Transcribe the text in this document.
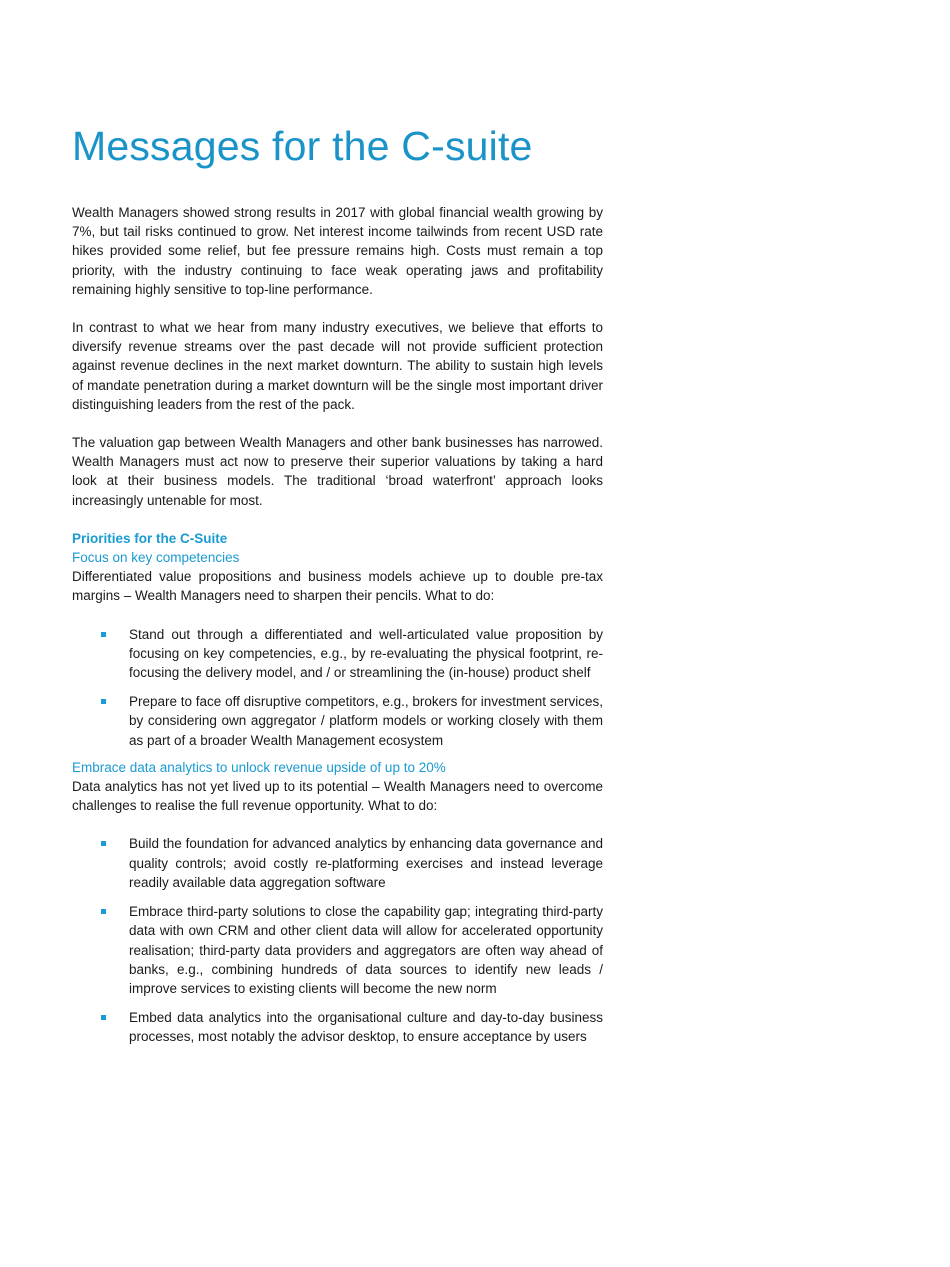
Messages for the C-suite

Wealth Managers showed strong results in 2017 with global financial wealth growing by 7%, but tail risks continued to grow. Net interest income tailwinds from recent USD rate hikes provided some relief, but fee pressure remains high. Costs must remain a top priority, with the industry continuing to face weak operating jaws and profitability remaining highly sensitive to top-line performance.

In contrast to what we hear from many industry executives, we believe that efforts to diversify revenue streams over the past decade will not provide sufficient protection against revenue declines in the next market downturn. The ability to sustain high levels of mandate penetration during a market downturn will be the single most important driver distinguishing leaders from the rest of the pack.

The valuation gap between Wealth Managers and other bank businesses has narrowed. Wealth Managers must act now to preserve their superior valuations by taking a hard look at their business models. The traditional ‘broad waterfront’ approach looks increasingly untenable for most.

Priorities for the C-Suite

Focus on key competencies

Differentiated value propositions and business models achieve up to double pre-tax margins – Wealth Managers need to sharpen their pencils. What to do:

Stand out through a differentiated and well-articulated value proposition by focusing on key competencies, e.g., by re-evaluating the physical footprint, re-focusing the delivery model, and / or streamlining the (in-house) product shelf
Prepare to face off disruptive competitors, e.g., brokers for investment services, by considering own aggregator / platform models or working closely with them as part of a broader Wealth Management ecosystem

Embrace data analytics to unlock revenue upside of up to 20%

Data analytics has not yet lived up to its potential – Wealth Managers need to overcome challenges to realise the full revenue opportunity. What to do:

Build the foundation for advanced analytics by enhancing data governance and quality controls; avoid costly re-platforming exercises and instead leverage readily available data aggregation software
Embrace third-party solutions to close the capability gap; integrating third-party data with own CRM and other client data will allow for accelerated opportunity realisation; third-party data providers and aggregators are often way ahead of banks, e.g., combining hundreds of data sources to identify new leads / improve services to existing clients will become the new norm
Embed data analytics into the organisational culture and day-to-day business processes, most notably the advisor desktop, to ensure acceptance by users
